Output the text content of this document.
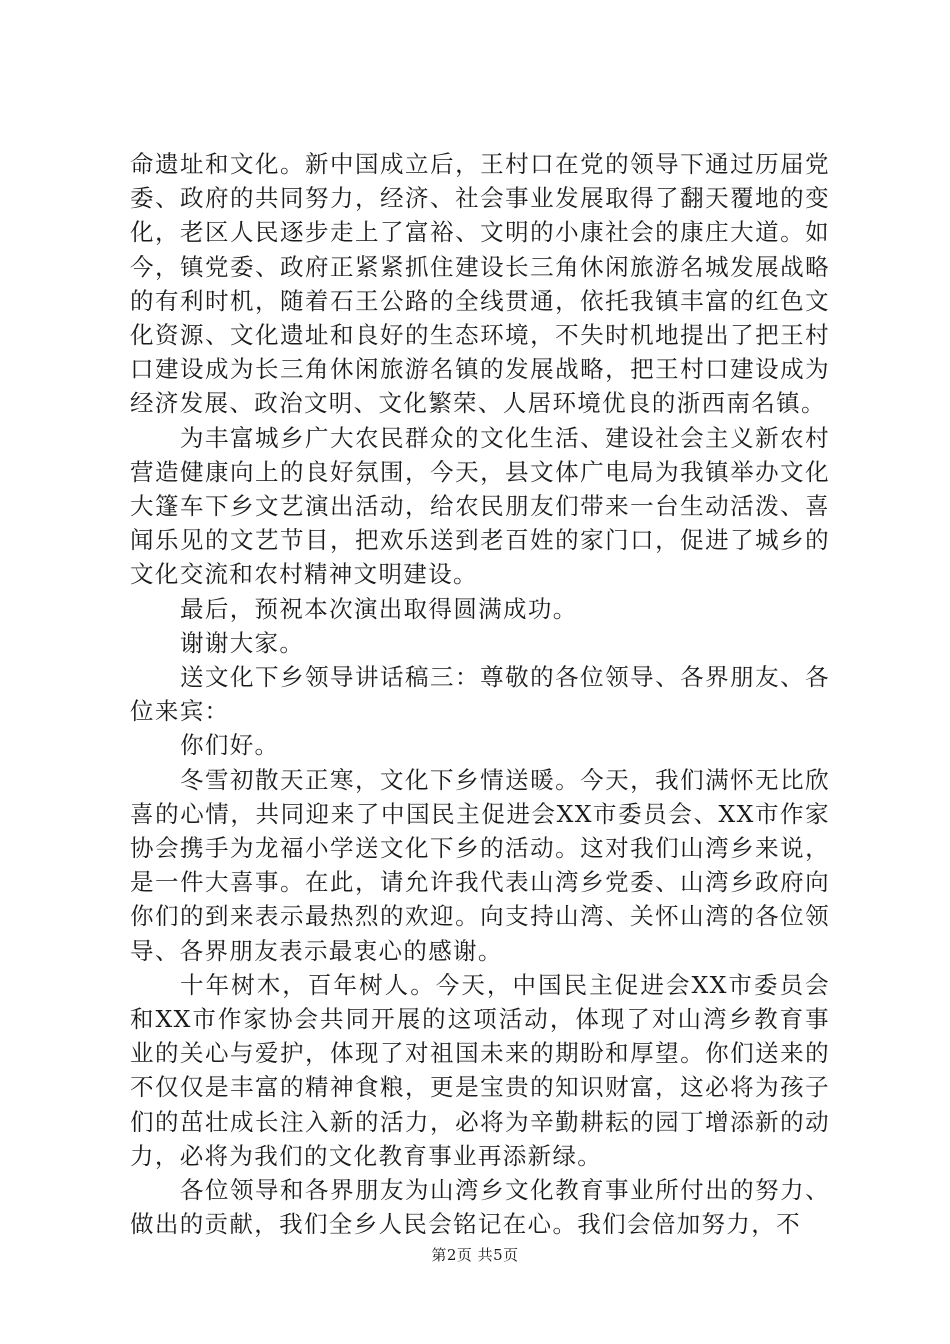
命遗址和文化。新中国成立后，王村口在党的领导下通过历届党委、政府的共同努力，经济、社会事业发展取得了翻天覆地的变化，老区人民逐步走上了富裕、文明的小康社会的康庄大道。如今，镇党委、政府正紧紧抓住建设长三角休闲旅游名城发展战略的有利时机，随着石王公路的全线贯通，依托我镇丰富的红色文化资源、文化遗址和良好的生态环境，不失时机地提出了把王村口建设成为长三角休闲旅游名镇的发展战略，把王村口建设成为经济发展、政治文明、文化繁荣、人居环境优良的浙西南名镇。

为丰富城乡广大农民群众的文化生活、建设社会主义新农村营造健康向上的良好氛围，今天，县文体广电局为我镇举办文化大篷车下乡文艺演出活动，给农民朋友们带来一台生动活泼、喜闻乐见的文艺节目，把欢乐送到老百姓的家门口，促进了城乡的文化交流和农村精神文明建设。

最后，预祝本次演出取得圆满成功。

谢谢大家。

送文化下乡领导讲话稿三：尊敬的各位领导、各界朋友、各位来宾：

你们好。

冬雪初散天正寒，文化下乡情送暖。今天，我们满怀无比欣喜的心情，共同迎来了中国民主促进会XX市委员会、XX市作家协会携手为龙福小学送文化下乡的活动。这对我们山湾乡来说，是一件大喜事。在此，请允许我代表山湾乡党委、山湾乡政府向你们的到来表示最热烈的欢迎。向支持山湾、关怀山湾的各位领导、各界朋友表示最衷心的感谢。

十年树木，百年树人。今天，中国民主促进会XX市委员会和XX市作家协会共同开展的这项活动，体现了对山湾乡教育事业的关心与爱护，体现了对祖国未来的期盼和厚望。你们送来的不仅仅是丰富的精神食粮，更是宝贵的知识财富，这必将为孩子们的茁壮成长注入新的活力，必将为辛勤耕耘的园丁增添新的动力，必将为我们的文化教育事业再添新绿。

各位领导和各界朋友为山湾乡文化教育事业所付出的努力、做出的贡献，我们全乡人民会铭记在心。我们会倍加努力，不

第2页 共5页
